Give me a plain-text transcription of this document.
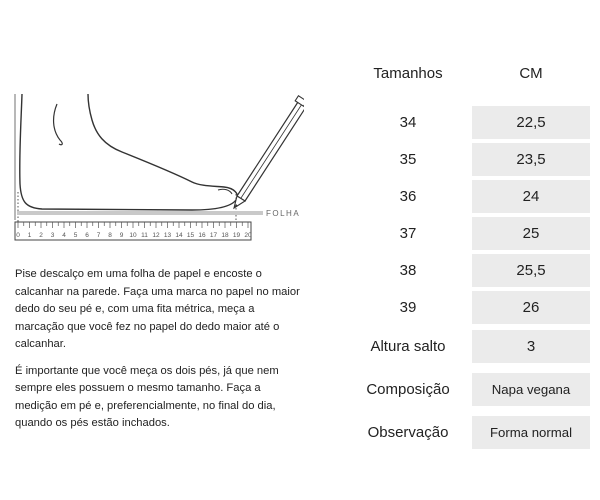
FOLHA
0 1 2 3 4 5 6 7 8 9 10 11 12 13 14 15 16 17 18 19 20

Pise descalço em uma folha de papel e encoste o calcanhar na parede. Faça uma marca no papel no maior dedo do seu pé e, com uma fita métrica, meça a marcação que você fez no papel do dedo maior até o calcanhar.

É importante que você meça os dois pés, já que nem sempre eles possuem o mesmo tamanho. Faça a medição em pé e, preferencialmente, no final do dia, quando os pés estão inchados.

Tamanhos	CM
34	22,5
35	23,5
36	24
37	25
38	25,5
39	26
Altura salto	3
Composição	Napa vegana
Observação	Forma normal
